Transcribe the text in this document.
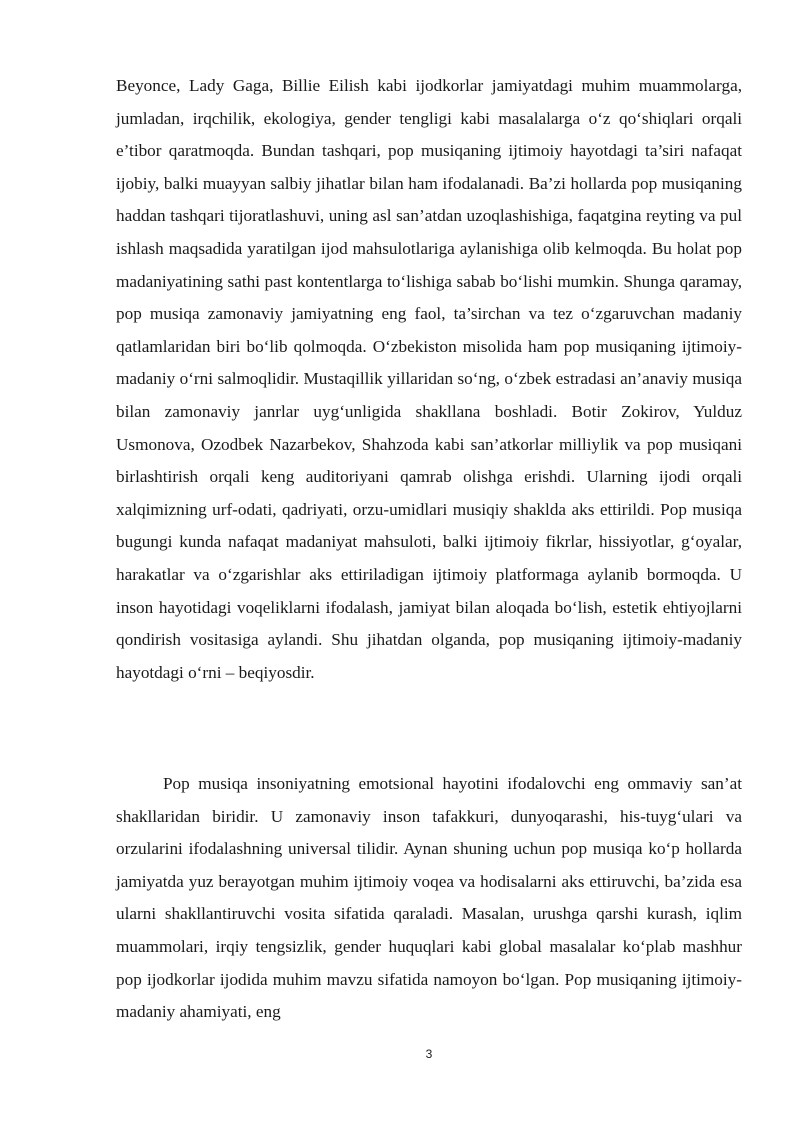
Beyonce, Lady Gaga, Billie Eilish kabi ijodkorlar jamiyatdagi muhim muammolarga, jumladan, irqchilik, ekologiya, gender tengligi kabi masalalarga o‘z qo‘shiqlari orqali e’tibor qaratmoqda. Bundan tashqari, pop musiqaning ijtimoiy hayotdagi ta’siri nafaqat ijobiy, balki muayyan salbiy jihatlar bilan ham ifodalanadi. Ba’zi hollarda pop musiqaning haddan tashqari tijoratlashuvi, uning asl san’atdan uzoqlashishiga, faqatgina reyting va pul ishlash maqsadida yaratilgan ijod mahsulotlariga aylanishiga olib kelmoqda. Bu holat pop madaniyatining sathi past kontentlarga to‘lishiga sabab bo‘lishi mumkin. Shunga qaramay, pop musiqa zamonaviy jamiyatning eng faol, ta’sirchan va tez o‘zgaruvchan madaniy qatlamlaridan biri bo‘lib qolmoqda. O‘zbekiston misolida ham pop musiqaning ijtimoiy-madaniy o‘rni salmoqlidir. Mustaqillik yillaridan so‘ng, o‘zbek estradasi an’anaviy musiqa bilan zamonaviy janrlar uyg‘unligida shakllana boshladi. Botir Zokirov, Yulduz Usmonova, Ozodbek Nazarbekov, Shahzoda kabi san’atkorlar milliylik va pop musiqani birlashtirish orqali keng auditoriyani qamrab olishga erishdi. Ularning ijodi orqali xalqimizning urf-odati, qadriyati, orzu-umidlari musiqiy shaklda aks ettirildi. Pop musiqa bugungi kunda nafaqat madaniyat mahsuloti, balki ijtimoiy fikrlar, hissiyotlar, g‘oyalar, harakatlar va o‘zgarishlar aks ettiriladigan ijtimoiy platformaga aylanib bormoqda. U inson hayotidagi voqeliklarni ifodalash, jamiyat bilan aloqada bo‘lish, estetik ehtiyojlarni qondirish vositasiga aylandi. Shu jihatdan olganda, pop musiqaning ijtimoiy-madaniy hayotdagi o‘rni – beqiyosdir.

Pop musiqa insoniyatning emotsional hayotini ifodalovchi eng ommaviy san’at shakllaridan biridir. U zamonaviy inson tafakkuri, dunyoqarashi, his-tuyg‘ulari va orzularini ifodalashning universal tilidir. Aynan shuning uchun pop musiqa ko‘p hollarda jamiyatda yuz berayotgan muhim ijtimoiy voqea va hodisalarni aks ettiruvchi, ba’zida esa ularni shakllantiruvchi vosita sifatida qaraladi. Masalan, urushga qarshi kurash, iqlim muammolari, irqiy tengsizlik, gender huquqlari kabi global masalalar ko‘plab mashhur pop ijodkorlar ijodida muhim mavzu sifatida namoyon bo‘lgan. Pop musiqaning ijtimoiy-madaniy ahamiyati, eng

3
